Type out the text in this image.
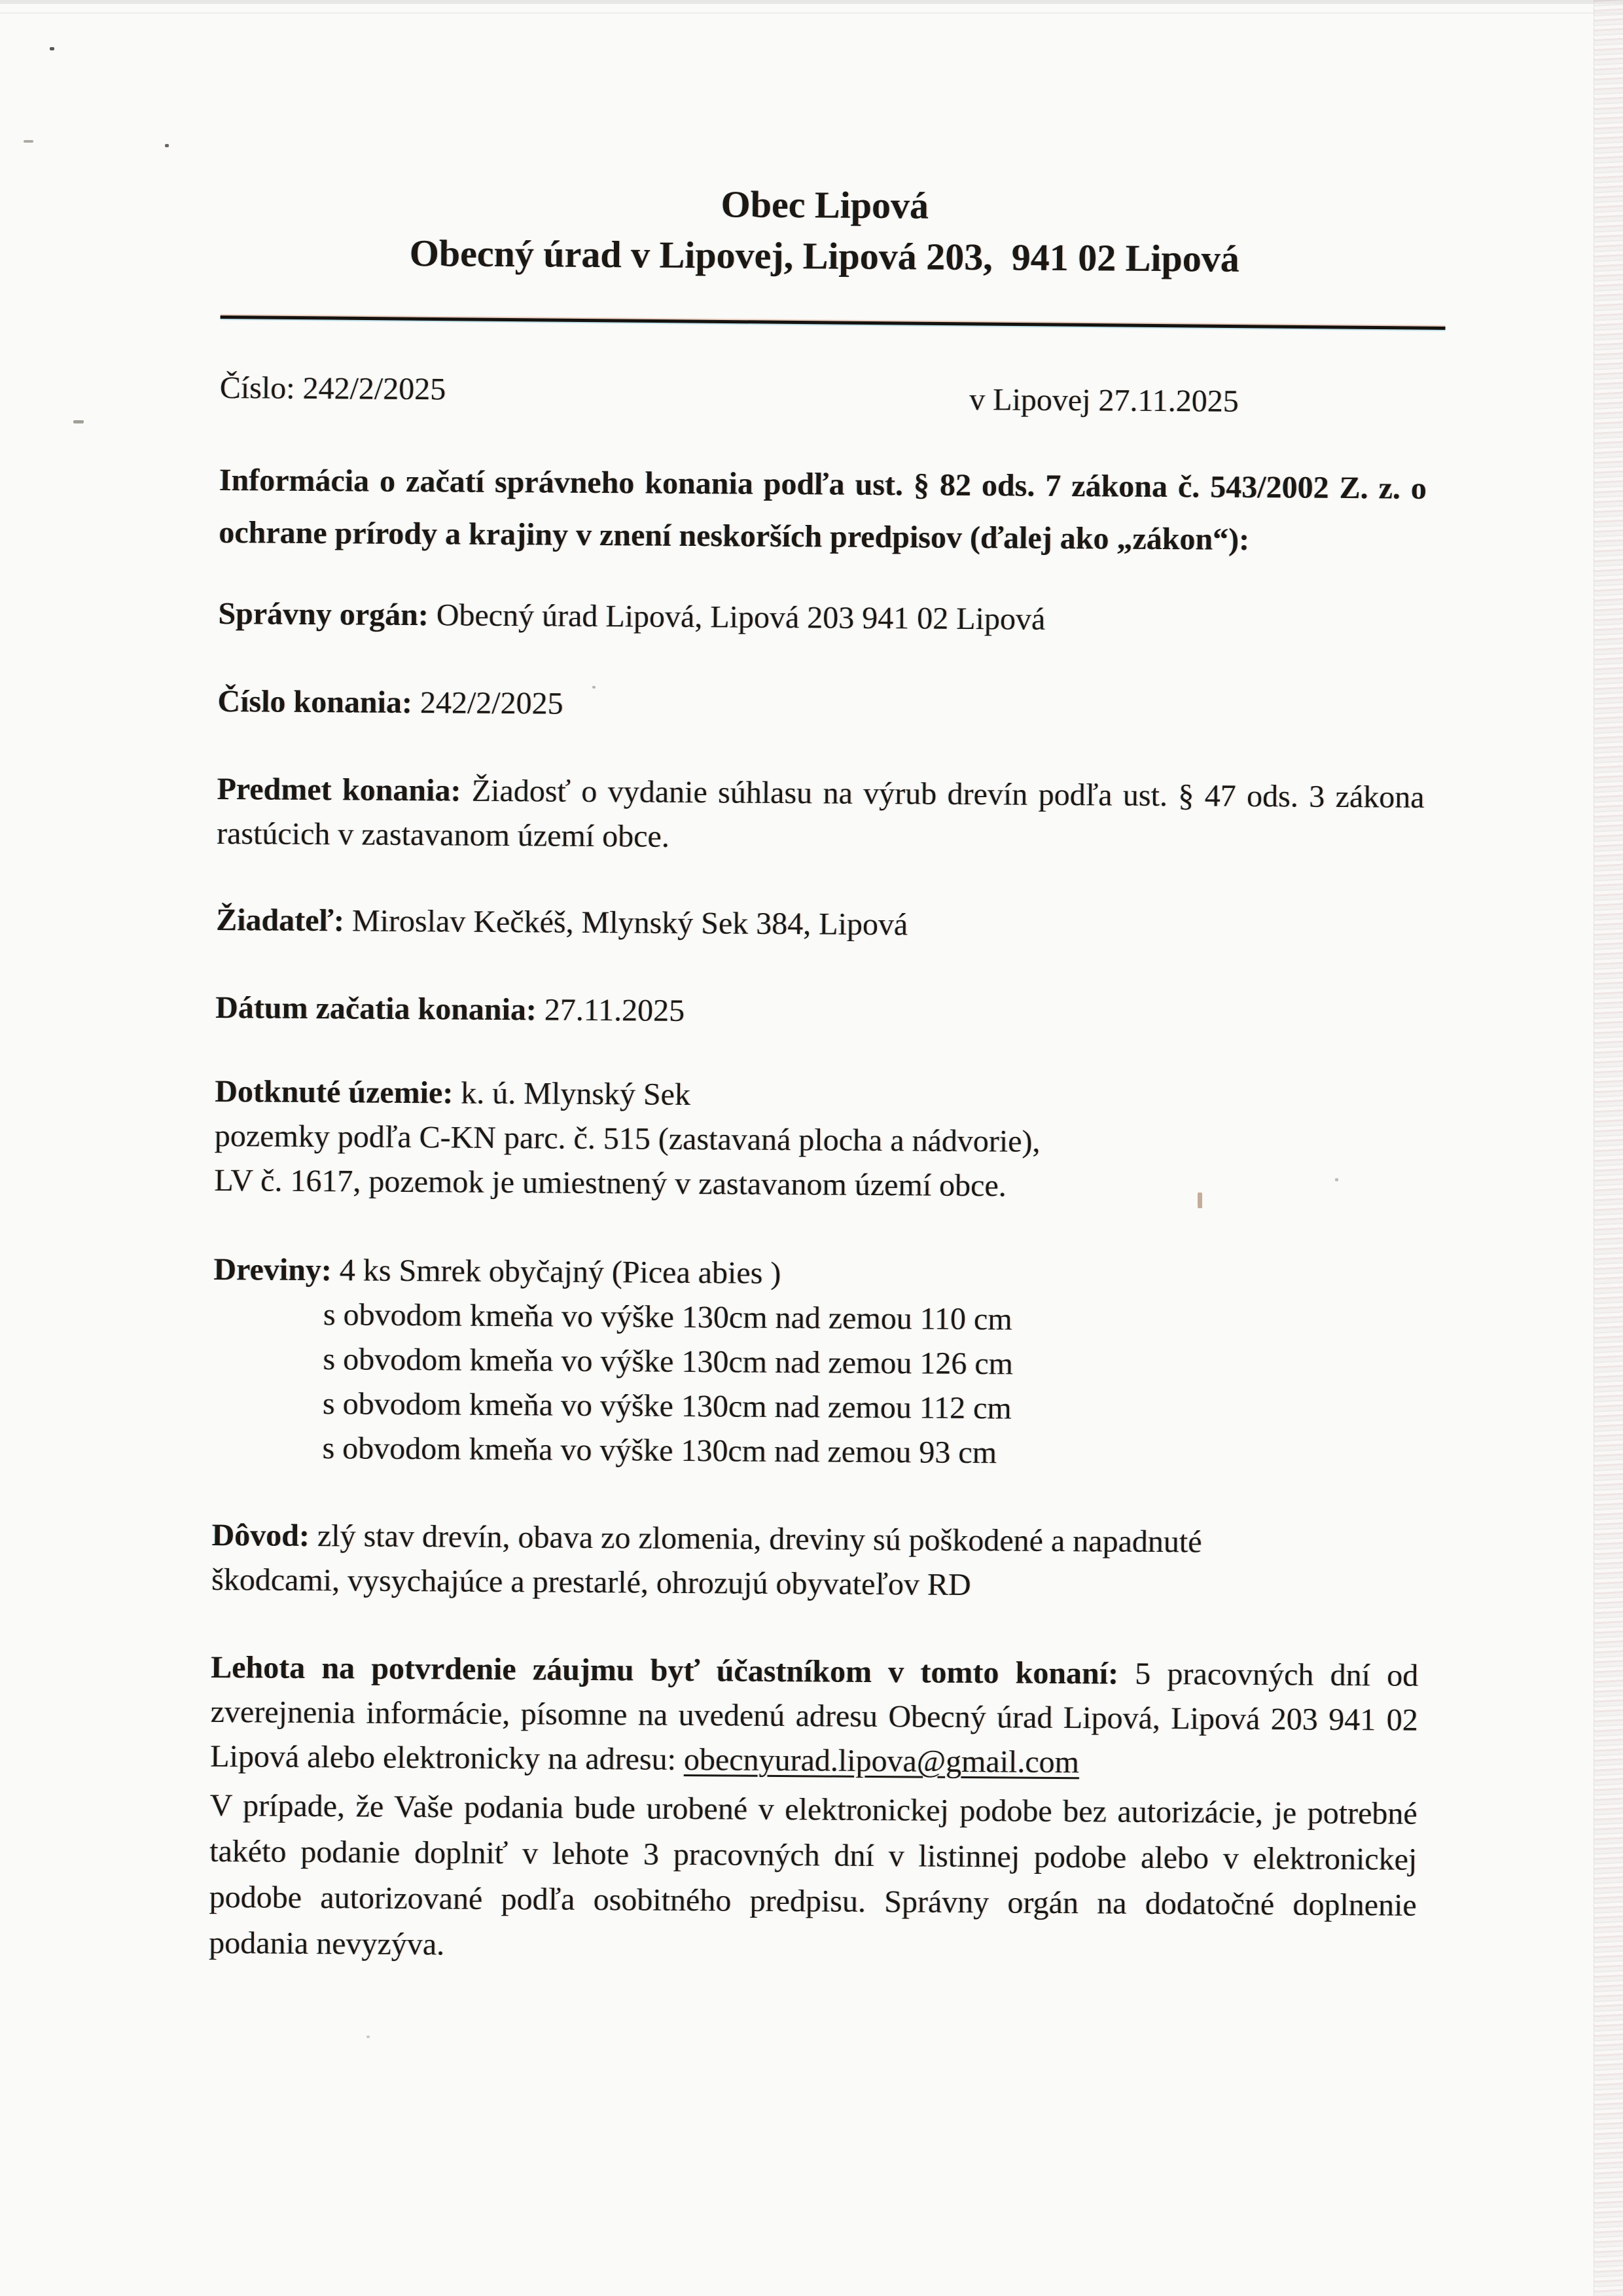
Obec Lipová
Obecný úrad v Lipovej, Lipová 203,  941 02 Lipová
Číslo: 242/2/2025	v Lipovej 27.11.2025
Informácia o začatí správneho konania podľa ust. § 82 ods. 7 zákona č. 543/2002 Z. z. o
ochrane prírody a krajiny v znení neskorších predpisov (ďalej ako „zákon“):
Správny orgán: Obecný úrad Lipová, Lipová 203 941 02 Lipová
Číslo konania: 242/2/2025
Predmet konania: Žiadosť o vydanie súhlasu na výrub drevín podľa ust. § 47 ods. 3 zákona
rastúcich v zastavanom území obce.
Žiadateľ: Miroslav Kečkéš, Mlynský Sek 384, Lipová
Dátum začatia konania: 27.11.2025
Dotknuté územie: k. ú. Mlynský Sek
pozemky podľa C-KN parc. č. 515 (zastavaná plocha a nádvorie),
LV č. 1617, pozemok je umiestnený v zastavanom území obce.
Dreviny: 4 ks Smrek obyčajný (Picea abies )
s obvodom kmeňa vo výške 130cm nad zemou 110 cm
s obvodom kmeňa vo výške 130cm nad zemou 126 cm
s obvodom kmeňa vo výške 130cm nad zemou 112 cm
s obvodom kmeňa vo výške 130cm nad zemou 93 cm
Dôvod: zlý stav drevín, obava zo zlomenia, dreviny sú poškodené a napadnuté
škodcami, vysychajúce a prestarlé, ohrozujú obyvateľov RD
Lehota na potvrdenie záujmu byť účastníkom v tomto konaní: 5 pracovných dní od
zverejnenia informácie, písomne na uvedenú adresu Obecný úrad Lipová, Lipová 203 941 02
Lipová alebo elektronicky na adresu: obecnyurad.lipova@gmail.com
V prípade, že Vaše podania bude urobené v elektronickej podobe bez autorizácie, je potrebné
takéto podanie doplniť v lehote 3 pracovných dní v listinnej podobe alebo v elektronickej
podobe autorizované podľa osobitného predpisu. Správny orgán na dodatočné doplnenie
podania nevyzýva.
